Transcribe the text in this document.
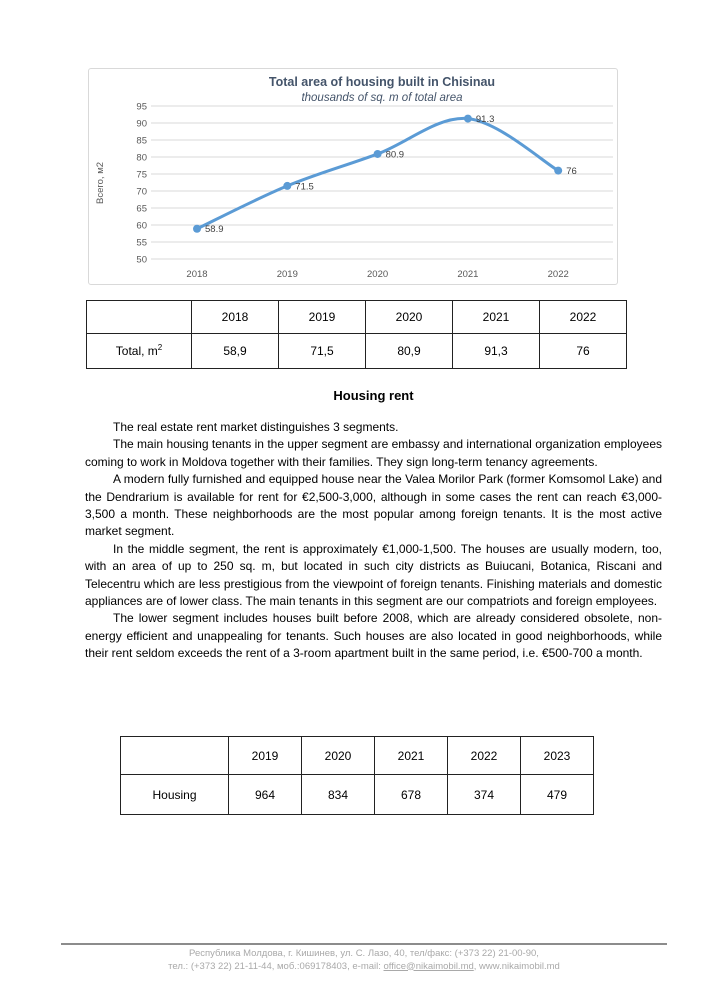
Total area of housing built in Chisinau
thousands of sq. m of total area
Всего, м2
50
55
60
65
70
75
80
85
90
95
2018	2019	2020	2021	2022
58.9
71.5
80.9
91.3
76
	2018	2019	2020	2021	2022
Total, $m^2$	58,9	71,5	80,9	91,3	76
Housing rent

The real estate rent market distinguishes 3 segments.

The main housing tenants in the upper segment are embassy and international organization employees coming to work in Moldova together with their families. They sign long-term tenancy agreements.

A modern fully furnished and equipped house near the Valea Morilor Park (former Komsomol Lake) and the Dendrarium is available for rent for €2,500-3,000, although in some cases the rent can reach €3,000-3,500 a month. These neighborhoods are the most popular among foreign tenants. It is the most active market segment.

In the middle segment, the rent is approximately €1,000-1,500. The houses are usually modern, too, with an area of up to 250 sq. m, but located in such city districts as Buiucani, Botanica, Riscani and Telecentru which are less prestigious from the viewpoint of foreign tenants. Finishing materials and domestic appliances are of lower class. The main tenants in this segment are our compatriots and foreign employees.

The lower segment includes houses built before 2008, which are already considered obsolete, non-energy efficient and unappealing for tenants. Such houses are also located in good neighborhoods, while their rent seldom exceeds the rent of a 3-room apartment built in the same period, i.e. €500-700 a month.

	2019	2020	2021	2022	2023
Housing	964	834	678	374	479
Республика Молдова, г. Кишинев, ул. С. Лазо, 40, тел/факс: (+373 22) 21-00-90,
тел.: (+373 22) 21-11-44, моб.:069178403, e-mail: office@nikaimobil.md, www.nikaimobil.md
